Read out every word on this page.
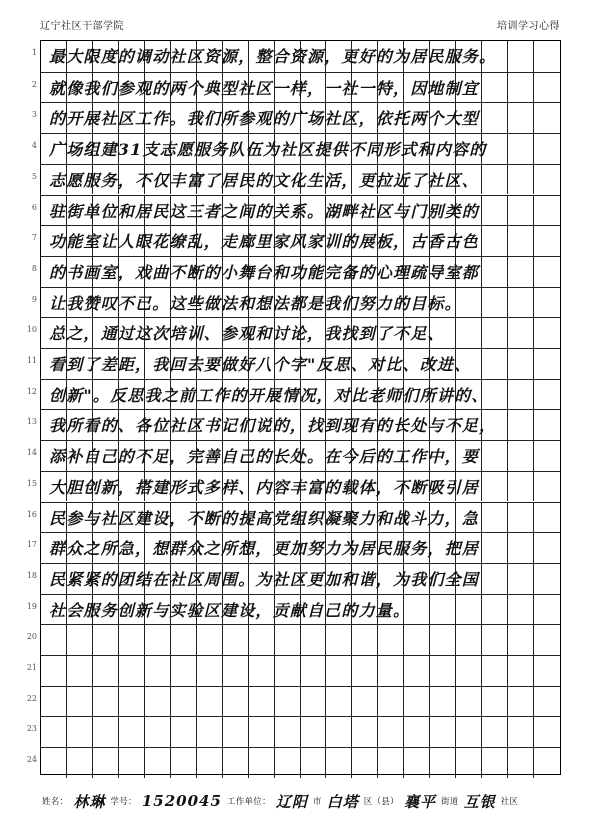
辽宁社区干部学院	培训学习心得
1 最大限度的调动社区资源，整合资源，更好的为居民服务。
2 就像我们参观的两个典型社区一样，一社一特，因地制宜
3 的开展社区工作。我们所参观的广场社区，依托两个大型
4 广场组建31支志愿服务队伍为社区提供不同形式和内容的
5 志愿服务，不仅丰富了居民的文化生活，更拉近了社区、
6 驻街单位和居民这三者之间的关系。湖畔社区与门别类的
7 功能室让人眼花缭乱，走廊里家风家训的展板，古香古色
8 的书画室，戏曲不断的小舞台和功能完备的心理疏导室都
9 让我赞叹不已。这些做法和想法都是我们努力的目标。
10 总之，通过这次培训、参观和讨论，我找到了不足、
11 看到了差距，我回去要做好八个字"反思、对比、改进、
12 创新"。反思我之前工作的开展情况，对比老师们所讲的、
13 我所看的、各位社区书记们说的，找到现有的长处与不足，
14 添补自己的不足，完善自己的长处。在今后的工作中，要
15 大胆创新，搭建形式多样、内容丰富的载体，不断吸引居
16 民参与社区建设，不断的提高党组织凝聚力和战斗力，急
17 群众之所急，想群众之所想，更加努力为居民服务，把居
18 民紧紧的团结在社区周围。为社区更加和谐，为我们全国
19 社会服务创新与实验区建设，贡献自己的力量。
20
21
22
23
24
姓名： 林琳 学号： 1520045 工作单位： 辽阳 市 白塔 区（县） 襄平 街道 互银 社区
